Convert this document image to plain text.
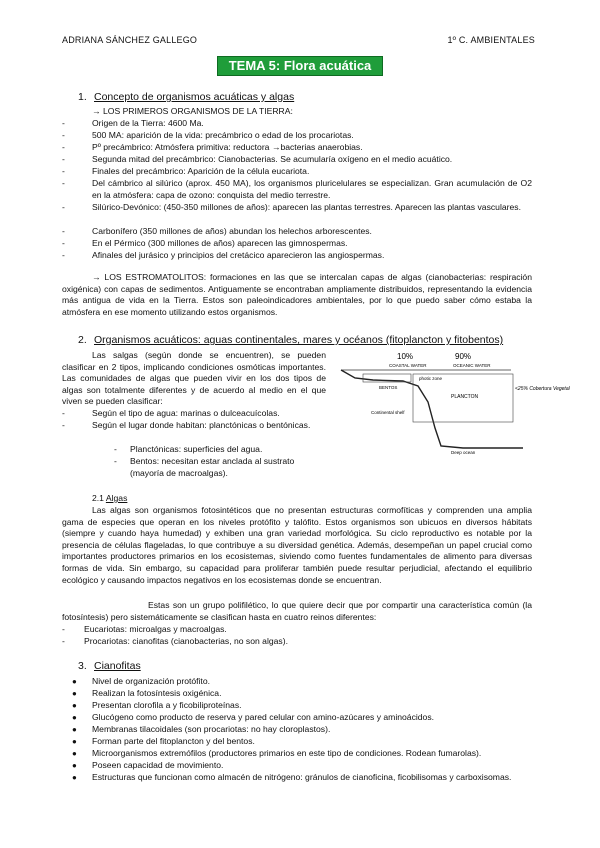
ADRIANA SÁNCHEZ GALLEGO	1º C. AMBIENTALES
TEMA 5: Flora acuática
1. Concepto de organismos acuáticas y algas
→ LOS PRIMEROS ORGANISMOS DE LA TIERRA:
-	Origen de la Tierra: 4600 Ma.
-	500 MA: aparición de la vida: precámbrico o edad de los procariotas.
-	Pº precámbrico: Atmósfera primitiva: reductora →bacterias anaerobias.
-	Segunda mitad del precámbrico: Cianobacterias. Se acumularía oxígeno en el medio acuático.
-	Finales del precámbrico: Aparición de la célula eucariota.
-	Del cámbrico al silúrico (aprox. 450 MA), los organismos pluricelulares se especializan. Gran acumulación de O2 en la atmósfera: capa de ozono: conquista del medio terrestre.
-	Silúrico-Devónico: (450-350 millones de años): aparecen las plantas terrestres. Aparecen las plantas vasculares.
-	Carbonífero (350 millones de años) abundan los helechos arborescentes.
-	En el Pérmico (300 millones de años) aparecen las gimnospermas.
-	Afinales del jurásico y principios del cretácico aparecieron las angiospermas.
→ LOS ESTROMATOLITOS: formaciones en las que se intercalan capas de algas (cianobacterias: respiración oxigénica) con capas de sedimentos. Antiguamente se encontraban ampliamente distribuidos, representando la evidencia más antigua de vida en la Tierra. Estos son paleoindicadores ambientales, por lo que puedo saber cómo estaba la atmósfera en ese momento utilizando estos organismos.
2. Organismos acuáticos: aguas continentales, mares y océanos (fitoplancton y fitobentos)
Las salgas (según donde se encuentren), se pueden clasificar en 2 tipos, implicando condiciones osmóticas importantes. Las comunidades de algas que pueden vivir en los dos tipos de algas son totalmente diferentes y de acuerdo al medio en el que viven se pueden clasificar:
-	Según el tipo de agua: marinas o dulceacuícolas.
-	Según el lugar donde habitan: planctónicas o bentónicas.
- Planctónicas: superficies del agua.
- Bentos: necesitan estar anclada al sustrato (mayoría de macroalgas).
10%	90%
COASTAL WATER	OCEANIC WATER
BENTOS
photic zone
PLANCTON
Continental shelf
Deep ocean
<25% Cobertura Vegetal
2.1 Algas
Las algas son organismos fotosintéticos que no presentan estructuras cormofíticas y comprenden una amplia gama de especies que operan en los niveles protófito y talófito. Estos organismos son ubicuos en diversos hábitats (siempre y cuando haya humedad) y exhiben una gran variedad morfológica. Su ciclo reproductivo es notable por la presencia de células flageladas, lo que contribuye a su diversidad genética. Además, desempeñan un papel crucial como importantes productores primarios en los ecosistemas, siviendo como fuentes fundamentales de alimento para diversas formas de vida. Sin embargo, su capacidad para proliferar también puede resultar perjudicial, afectando el equilibrio ecológico y causando impactos negativos en los ecosistemas donde se encuentran.
Estas son un grupo polifilético, lo que quiere decir que por compartir una característica común (la fotosíntesis) pero sistemáticamente se clasifican hasta en cuatro reinos diferentes:
- Eucariotas: microalgas y macroalgas.
- Procariotas: cianofitas (cianobacterias, no son algas).
3. Cianofitas
● Nivel de organización protófito.
● Realizan la fotosíntesis oxigénica.
● Presentan clorofila a y ficobiliproteínas.
● Glucógeno como producto de reserva y pared celular con amino-azúcares y aminoácidos.
● Membranas tilacoidales (son procariotas: no hay cloroplastos).
● Forman parte del fitoplancton y del bentos.
● Microorganismos extremófilos (productores primarios en este tipo de condiciones. Rodean fumarolas).
● Poseen capacidad de movimiento.
● Estructuras que funcionan como almacén de nitrógeno: gránulos de cianoficina, ficobilisomas y carboxisomas.
